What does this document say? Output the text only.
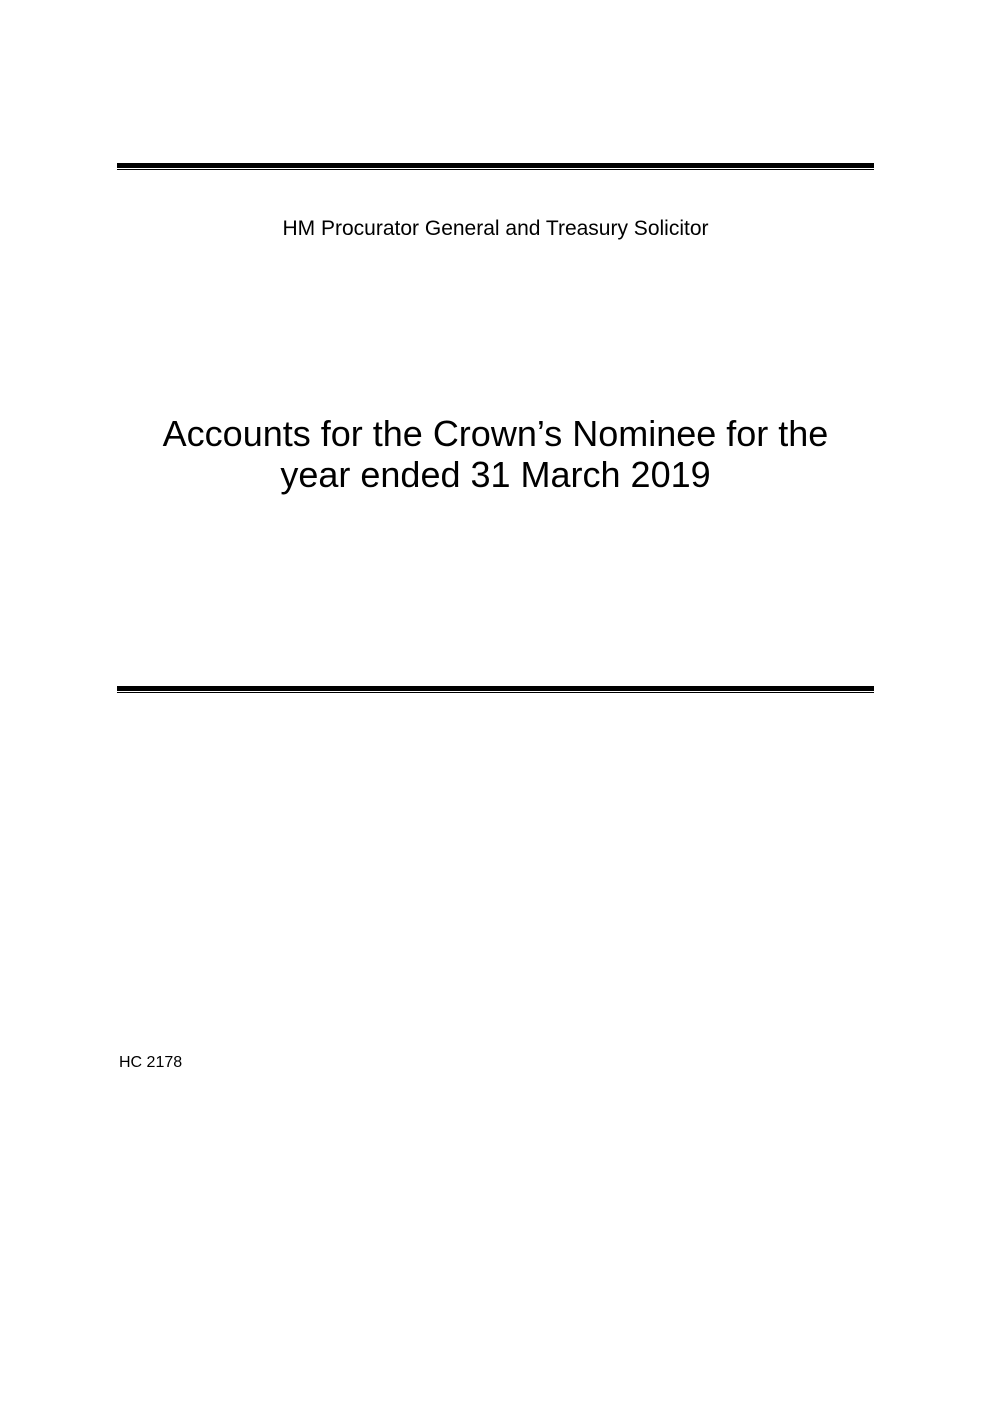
HM Procurator General and Treasury Solicitor
Accounts for the Crown’s Nominee for the
year ended 31 March 2019
HC 2178
